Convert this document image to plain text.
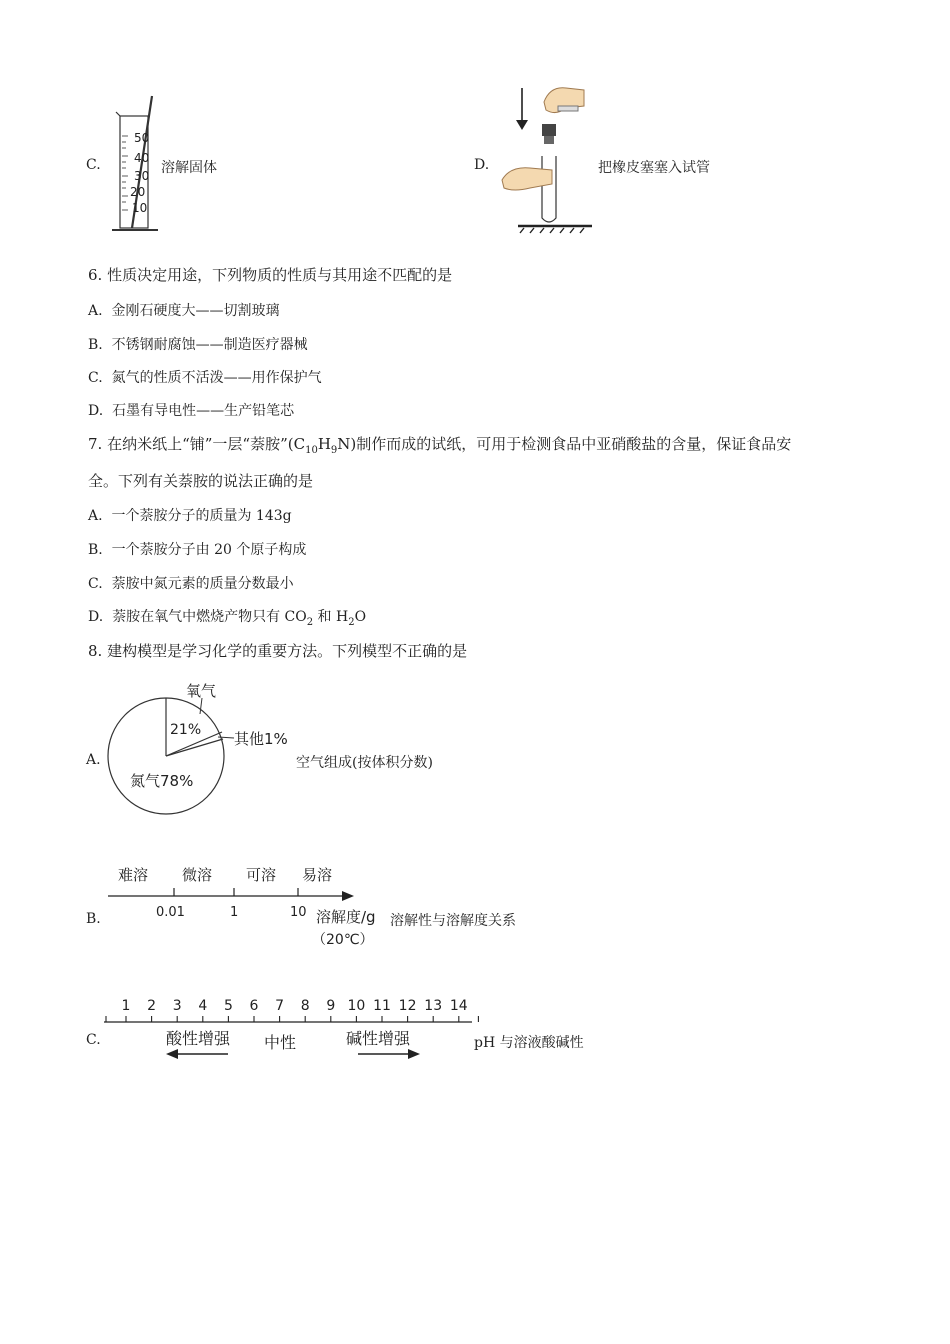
C.
50
40
30
20
10
溶解固体	D.	把橡皮塞塞入试管
6. 性质决定用途，下列物质的性质与其用途不匹配的是
A. 金刚石硬度大——切割玻璃
B. 不锈钢耐腐蚀——制造医疗器械
C. 氮气的性质不活泼——用作保护气
D. 石墨有导电性——生产铅笔芯
7. 在纳米纸上“铺”一层“萘胺$”(C_{10}H_9N)$制作而成的试纸，可用于检测食品中亚硝酸盐的含量，保证食品安
全。下列有关萘胺的说法正确的是
A. 一个萘胺分子的质量为 143g
B. 一个萘胺分子由 20 个原子构成
C. 萘胺中氮元素的质量分数最小
D. 萘胺在氧气中燃烧产物只有 $CO_2$ 和 $H_2O$
8. 建构模型是学习化学的重要方法。下列模型不正确的是
A.
氧气
21% 其他1%
氮气78%
空气组成(按体积分数)
B.
难溶 微溶 可溶 易溶
0.01	1	10 溶解度/g
（20℃）
溶解性与溶解度关系
C.
1 2 3 4 5 6 7 8 9 10 11 12 13 14
酸性增强 中性	碱性增强	pH 与溶液酸碱性
